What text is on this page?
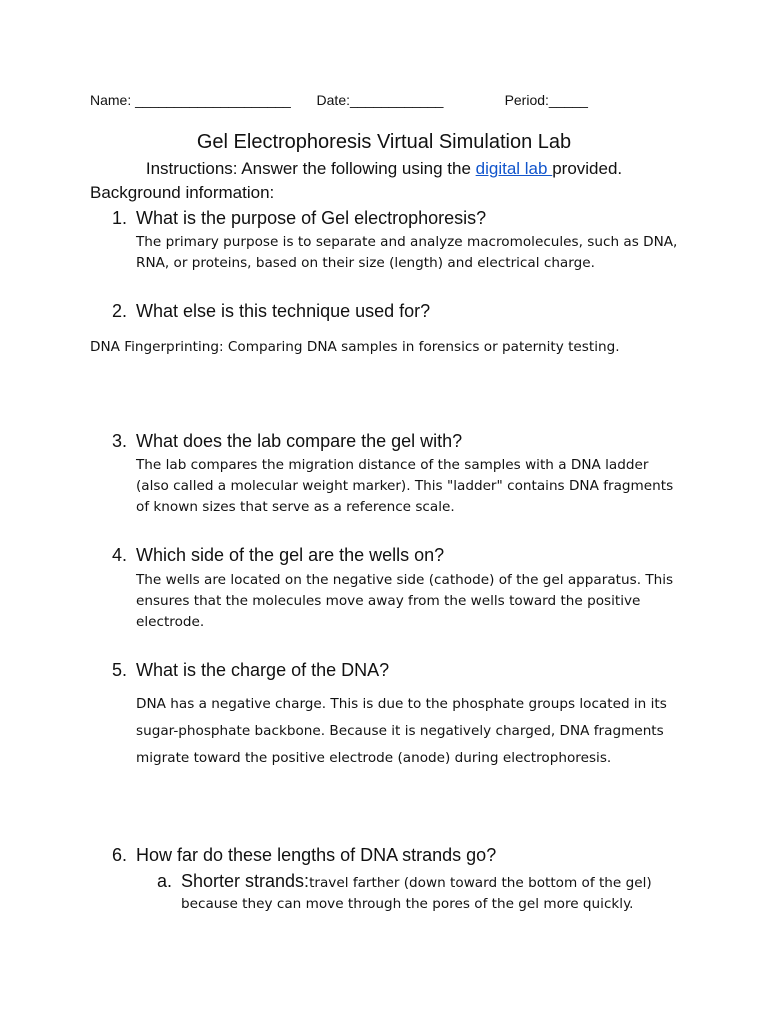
Name: ____________________ Date:____________	Period:_____
Gel Electrophoresis Virtual Simulation Lab
Instructions: Answer the following using the digital lab provided.
Background information:
1. What is the purpose of Gel electrophoresis?
The primary purpose is to separate and analyze macromolecules, such as DNA, RNA, or proteins, based on their size (length) and electrical charge.
2. What else is this technique used for?
DNA Fingerprinting: Comparing DNA samples in forensics or paternity testing.
3. What does the lab compare the gel with?
The lab compares the migration distance of the samples with a DNA ladder (also called a molecular weight marker). This "ladder" contains DNA fragments of known sizes that serve as a reference scale.
4. Which side of the gel are the wells on?
The wells are located on the negative side (cathode) of the gel apparatus. This ensures that the molecules move away from the wells toward the positive electrode.
5. What is the charge of the DNA?
DNA has a negative charge. This is due to the phosphate groups located in its sugar-phosphate backbone. Because it is negatively charged, DNA fragments migrate toward the positive electrode (anode) during electrophoresis.
6. How far do these lengths of DNA strands go?
a. Shorter strands:travel farther (down toward the bottom of the gel)
because they can move through the pores of the gel more quickly.
